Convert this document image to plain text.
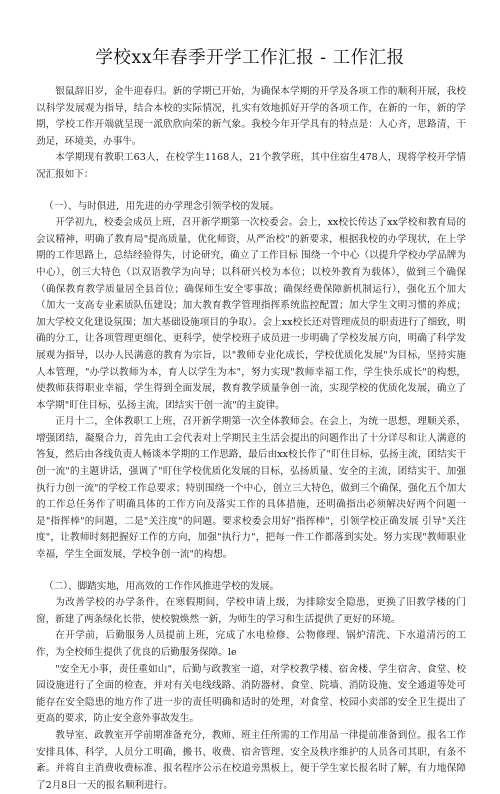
学校xx年春季开学工作汇报 - 工作汇报

银鼠辞旧岁，金牛迎春归。新的学期已开始，为确保本学期的开学及各项工作的顺利开展，我校以科学发展观为指导，结合本校的实际情况，扎实有效地抓好开学的各项工作，在新的一年，新的学期，学校工作开端就呈现一派欣欣向荣的新气象。我校今年开学具有的特点是：人心齐，思路清，干劲足，环境美，办事牛。

本学期现有教职工63人，在校学生1168人，21个教学班，其中住宿生478人，现将学校开学情况汇报如下：

（一）、与时俱进，用先进的办学理念引领学校的发展。

开学初九，校委会成员上班，召开新学期第一次校委会。会上，xx校长传达了xx学校和教育局的会议精神，明确了教育局"提高质量，优化师资，从严治校"的新要求，根据我校的办学现状，在上学期的工作思路上，总结经验得失，讨论研究，确立了工作目标 围绕一个中心（以提升学校办学品牌为中心），创三大特色（以双语教学为向导；以科研兴校为本位；以校外教育为载体），做到三个确保（确保教育教学质量居全县首位；确保师生安全零事故；确保经费保障新机制运行），强化五个加大（加大一支高专业素质队伍建设；加大教育教学管理指挥系统监控配置；加大学生文明习惯的养成；加大学校文化建设氛围；加大基础设施项目的争取）。会上xx校长还对管理成员的职责进行了细致，明确的分工，让各项管理更细化、更科学，使学校班子成员进一步明确了学校发展方向，明确了科学发展观为指导，以办人民满意的教育为宗旨，以"教师专业化成长，学校优质化发展"为目标，坚持实施人本管理，"办学以教师为本，育人以学生为本"，努力实现"教师幸福工作，学生快乐成长"的构想，使教师获得职业幸福，学生得到全面发展，教育教学质量争创一流，实现学校的优质化发展，确立了本学期"盯住目标，弘扬主流，团结实干创一流"的主旋律。

正月十二，全体教职工上班，召开新学期第一次全体教师会。在会上，为统一思想，理顺关系，增强团结，凝聚合力，首先由工会代表对上学期民主生活会提出的问题作出了十分详尽和让人满意的答复，然后由各线负责人畅谈本学期的工作思路，最后由xx校长作了"盯住目标，弘扬主流，团结实干创一流"的主题讲话，强调了"盯住学校优质化发展的目标，弘扬质量、安全的主流，团结实干、加强执行力创一流"的学校工作总要求；特别围绕一个中心，创立三大特色，做到三个确保，强化五个加大的工作总任务作了明确具体的工作方向及落实工作的具体措施，还明确指出必须解决好两个问题一是"指挥棒"的问题，二是"关注度"的问题。要求校委会用好"指挥棒"，引领学校正确发展 引导"关注度"，让教师时刻把握好工作的方向，加强"执行力"，把每一件工作都落到实处。努力实现"教师职业幸福，学生全面发展，学校争创一流"的构想。

（二）、脚踏实地，用高效的工作作风推进学校的发展。

为改善学校的办学条件，在寒假期间，学校申请上级，为排除安全隐患，更换了旧教学楼的门窗，新建了两条绿化长带，使校貌焕然一新，为师生的学习和生活提供了更好的环境。

在开学前，后勤服务人员提前上班，完成了水电检修、公物修理、锅炉清洗、下水道清污的工作，为全校师生提供了优良的后勤服务保障。le

"安全无小事，责任重如山"，后勤与政教室一道，对学校教学楼、宿舍楼、学生宿舍、食堂、校园设施进行了全面的检查，并对有关电线线路、消防器材、食堂、院墙、消防设施、安全通道等处可能存在安全隐患的地方作了进一步的责任明确和适时的处理，对食堂、校园小卖部的安全卫生提出了更高的要求，防止安全意外事故发生。

教导室、政教室开学前期准备充分，教师、班主任所需的工作用品一律提前准备到位。报名工作安排具体、科学，人员分工明确，搬书、收费、宿舍管理、安全及秩序维护的人员各司其职，有条不紊。并将自主消费收费标准、报名程序公示在校道旁黑板上，便于学生家长报名时了解，有力地保障了2月8日一天的报名顺利进行。
